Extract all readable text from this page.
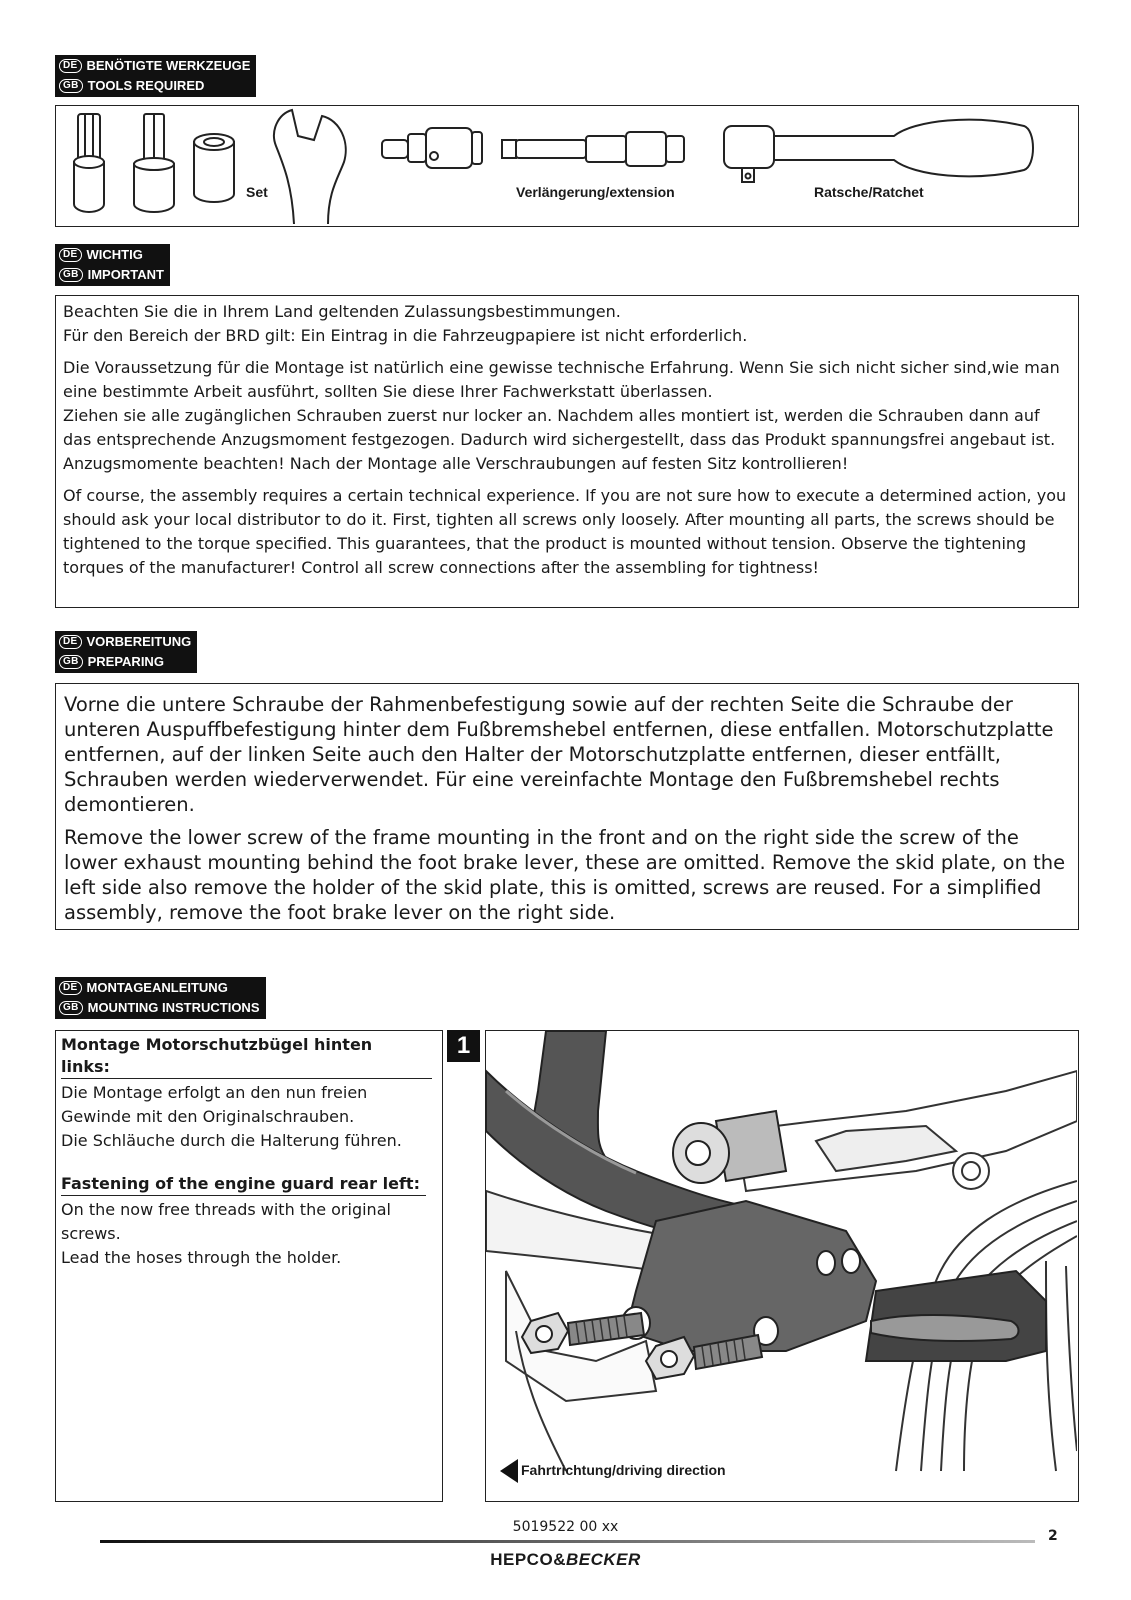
DE BENÖTIGTE WERKZEUGE
GB TOOLS REQUIRED
Set	Verlängerung/extension	Ratsche/Ratchet
DE WICHTIG
GB IMPORTANT

Beachten Sie die in Ihrem Land geltenden Zulassungsbestimmungen.

Für den Bereich der BRD gilt: Ein Eintrag in die Fahrzeugpapiere ist nicht erforderlich.

Die Voraussetzung für die Montage ist natürlich eine gewisse technische Erfahrung. Wenn Sie sich nicht sicher sind,wie man eine bestimmte Arbeit ausführt, sollten Sie diese Ihrer Fachwerkstatt überlassen.

Ziehen sie alle zugänglichen Schrauben zuerst nur locker an. Nachdem alles montiert ist, werden die Schrauben dann auf das entsprechende Anzugsmoment festgezogen. Dadurch wird sichergestellt, dass das Produkt spannungsfrei angebaut ist. Anzugsmomente beachten! Nach der Montage alle Verschraubungen auf festen Sitz kontrollieren!

Of course, the assembly requires a certain technical experience. If you are not sure how to execute a determined action, you should ask your local distributor to do it. First, tighten all screws only loosely. After mounting all parts, the screws should be tightened to the torque specified. This guarantees, that the product is mounted without tension. Observe the tightening torques of the manufacturer! Control all screw connections after the assembling for tightness!

DE VORBEREITUNG
GB PREPARING

Vorne die untere Schraube der Rahmenbefestigung sowie auf der rechten Seite die Schraube der unteren Auspuffbefestigung hinter dem Fußbremshebel entfernen, diese entfallen. Motorschutzplatte entfernen, auf der linken Seite auch den Halter der Motorschutzplatte entfernen, dieser entfällt, Schrauben werden wiederverwendet. Für eine vereinfachte Montage den Fußbremshebel rechts demontieren.

Remove the lower screw of the frame mounting in the front and on the right side the screw of the lower exhaust mounting behind the foot brake lever, these are omitted. Remove the skid plate, on the left side also remove the holder of the skid plate, this is omitted, screws are reused. For a simplified assembly, remove the foot brake lever on the right side.

DE MONTAGEANLEITUNG
GB MOUNTING INSTRUCTIONS
Montage Motorschutzbügel hinten links:

Die Montage erfolgt an den nun freien Gewinde mit den Originalschrauben.

Die Schläuche durch die Halterung führen.

Fastening of the engine guard rear left:

On the now free threads with the original screws.

Lead the hoses through the holder.

1
Fahrtrichtung/driving direction
5019522 00 xx
2
HEPCO&BECKER
